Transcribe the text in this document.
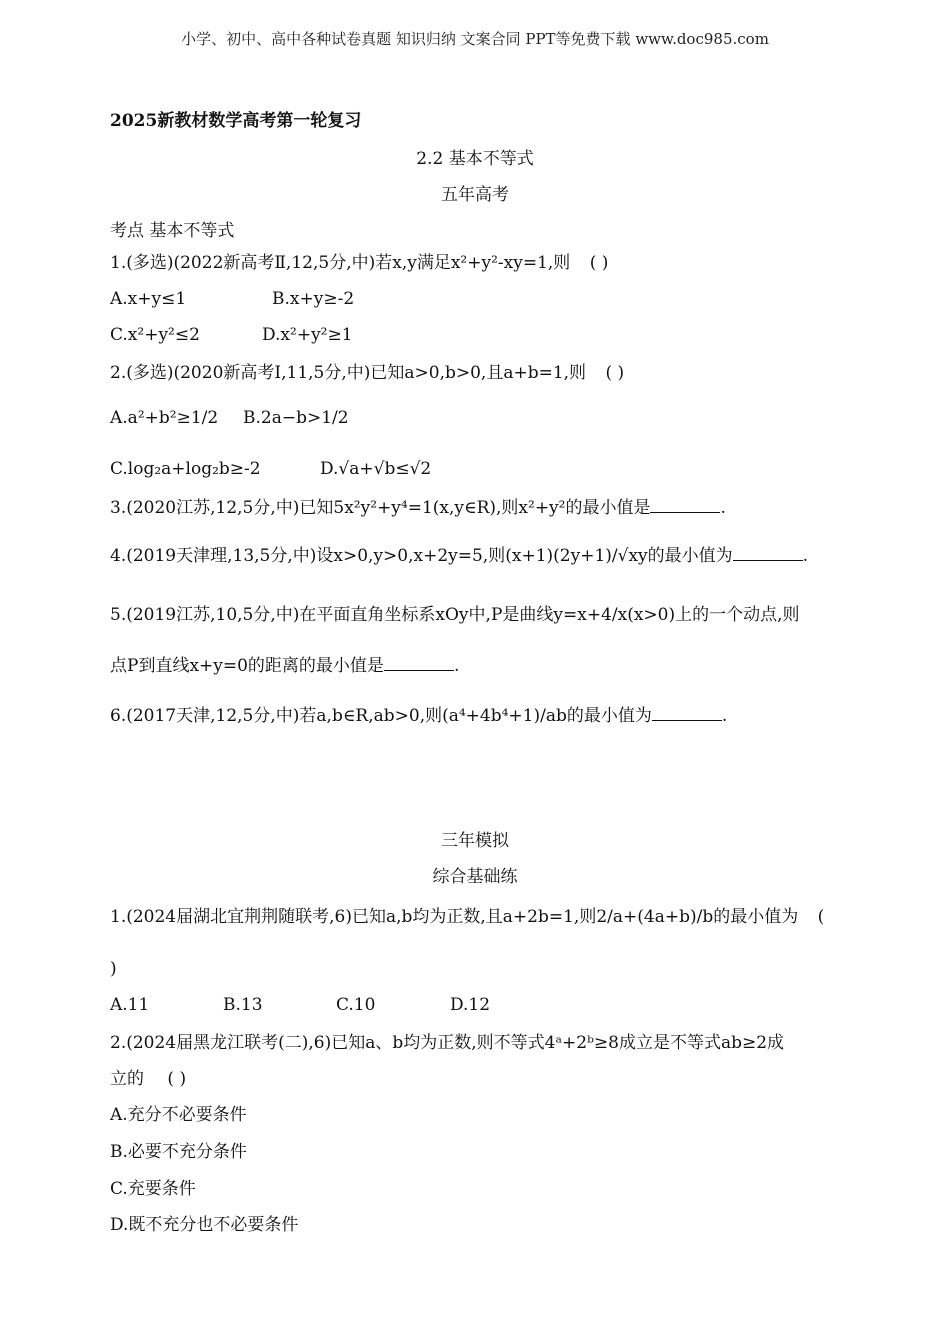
小学、初中、高中各种试卷真题 知识归纳 文案合同 PPT等免费下载 www.doc985.com
2025新教材数学高考第一轮复习
2.2 基本不等式
五年高考
考点 基本不等式
1.(多选)(2022新高考Ⅱ,12,5分,中)若x,y满足x²+y²-xy=1,则 ( )
A.x+y≤1	B.x+y≥-2
C.x²+y²≤2	D.x²+y²≥1
2.(多选)(2020新高考Ⅰ,11,5分,中)已知a>0,b>0,且a+b=1,则 ( )
A.a²+b²≥1/2 B.2a−b>1/2
C.log₂a+log₂b≥-2	D.√a+√b≤√2
3.(2020江苏,12,5分,中)已知5x²y²+y⁴=1(x,y∈R),则x²+y²的最小值是	.
4.(2019天津理,13,5分,中)设x>0,y>0,x+2y=5,则(x+1)(2y+1)/√xy的最小值为	.
5.(2019江苏,10,5分,中)在平面直角坐标系xOy中,P是曲线y=x+4/x(x>0)上的一个动点,则
点P到直线x+y=0的距离的最小值是	.
6.(2017天津,12,5分,中)若a,b∈R,ab>0,则(a⁴+4b⁴+1)/ab的最小值为	.
三年模拟
综合基础练
1.(2024届湖北宜荆荆随联考,6)已知a,b均为正数,且a+2b=1,则2/a+(4a+b)/b的最小值为 (
)
A.11	B.13	C.10	D.12
2.(2024届黑龙江联考(二),6)已知a、b均为正数,则不等式4ᵃ+2ᵇ≥8成立是不等式ab≥2成
立的 ( )
A.充分不必要条件
B.必要不充分条件
C.充要条件
D.既不充分也不必要条件
